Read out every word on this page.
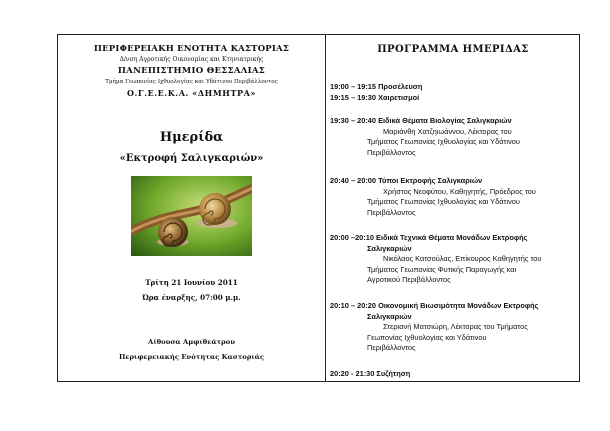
ΠΕΡΙΦΕΡΕΙΑΚΗ ΕΝΟΤΗΤΑ ΚΑΣΤΟΡΙΑΣ
Δ/νση Αγροτικής Οικονομίας και Κτηνιατρικής
ΠΑΝΕΠΙΣΤΗΜΙΟ ΘΕΣΣΑΛΙΑΣ
Τμήμα Γεωπονίας Ιχθυολογίας και Υδάτινου Περιβάλλοντος
Ο.Γ.Ε.Ε.Κ.Α. «ΔΗΜΗΤΡΑ»
Ημερίδα
«Εκτροφή Σαλιγκαριών»
Τρίτη 21 Ιουνίου 2011
Ώρα έναρξης, 07:00 μ.μ.
Αίθουσα Αμφιθεάτρου
Περιφερειακής Ενότητας Καστοριάς
ΠΡΟΓΡΑΜΜΑ ΗΜΕΡΙΔΑΣ
19:00 – 19:15 Προσέλευση
19:15 – 19:30 Χαιρετισμοί
19:30 – 20:40 Ειδικά Θέματα Βιολογίας Σαλιγκαριών
Μαριάνθη Χατζηιωάννου, Λέκτορας του
Τμήματος Γεωπονίας Ιχθυολογίας και Υδάτινου
Περιβάλλοντος
20:40 – 20:00 Τύποι Εκτροφής Σαλιγκαριών
Χρήστος Νεοφύτου, Καθηγητής, Πρόεδρος του
Τμήματος Γεωπονίας Ιχθυολογίας και Υδάτινου
Περιβάλλοντος
20:00 –20:10 Ειδικά Τεχνικά Θέματα Μονάδων Εκτροφής
Σαλιγκαριών
Νικόλαος Κατσούλας, Επίκουρος Καθηγητής του
Τμήματος Γεωπονίας Φυτικής Παραγωγής και
Αγροτικού Περιβάλλοντος
20:10 – 20:20 Οικονομική Βιωσιμότητα Μονάδων Εκτροφής
Σαλιγκαριών
Στεριανή Ματσιώρη, Λέκτορας του Τμήματος
Γεωπονίας Ιχθυολογίας και Υδάτινου
Περιβάλλοντος
20:20 - 21:30 Συζήτηση
